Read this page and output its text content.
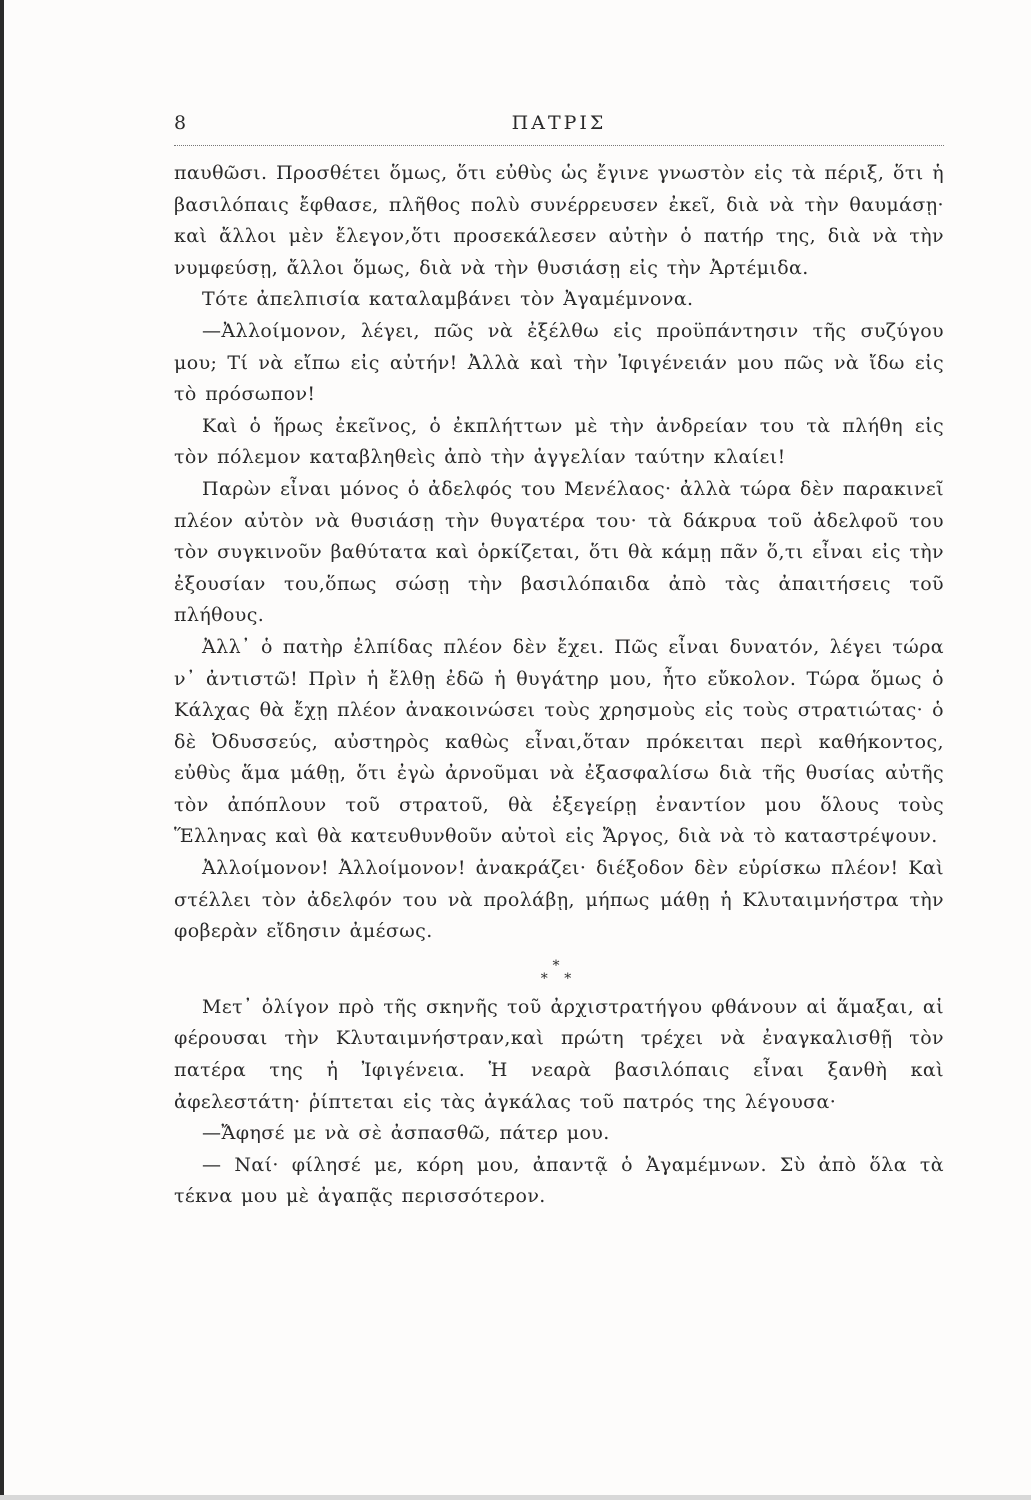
8	ΠΑΤΡΙΣ

παυθῶσι. Προσθέτει ὅμως, ὅτι εὐθὺς ὡς ἔγινε γνωστὸν εἰς τὰ πέριξ, ὅτι ἡ βασιλόπαις ἔφθασε, πλῆθος πολὺ συνέρρευσεν ἐκεῖ, διὰ νὰ τὴν θαυμάσῃ· καὶ ἄλλοι μὲν ἔλεγον,ὅτι προσεκάλεσεν αὐτὴν ὁ πατήρ της, διὰ νὰ τὴν νυμφεύσῃ, ἄλλοι ὅμως, διὰ νὰ τὴν θυσιάσῃ εἰς τὴν Ἀρτέμιδα.

Τότε ἀπελπισία καταλαμβάνει τὸν Ἀγαμέμνονα.

—Ἀλλοίμονον, λέγει, πῶς νὰ ἐξέλθω εἰς προϋπάντησιν τῆς συζύγου μου; Τί νὰ εἴπω εἰς αὐτήν! Ἀλλὰ καὶ τὴν Ἰφιγένειάν μου πῶς νὰ ἴδω εἰς τὸ πρόσωπον!

Καὶ ὁ ἥρως ἐκεῖνος, ὁ ἐκπλήττων μὲ τὴν ἀνδρείαν του τὰ πλήθη εἰς τὸν πόλεμον καταβληθεὶς ἀπὸ τὴν ἀγγελίαν ταύτην κλαίει!

Παρὼν εἶναι μόνος ὁ ἀδελφός του Μενέλαος· ἀλλὰ τώρα δὲν παρακινεῖ πλέον αὐτὸν νὰ θυσιάσῃ τὴν θυγατέρα του· τὰ δάκρυα τοῦ ἀδελφοῦ του τὸν συγκινοῦν βαθύτατα καὶ ὁρκίζεται, ὅτι θὰ κάμῃ πᾶν ὅ,τι εἶναι εἰς τὴν ἐξουσίαν του,ὅπως σώσῃ τὴν βασιλόπαιδα ἀπὸ τὰς ἀπαιτήσεις τοῦ πλήθους.

Ἀλλ᾽ ὁ πατὴρ ἐλπίδας πλέον δὲν ἔχει. Πῶς εἶναι δυνατόν, λέγει τώρα ν᾽ ἀντιστῶ! Πρὶν ἡ ἔλθῃ ἐδῶ ἡ θυγάτηρ μου, ἦτο εὔκολον. Τώρα ὅμως ὁ Κάλχας θὰ ἔχῃ πλέον ἀνακοινώσει τοὺς χρησμοὺς εἰς τοὺς στρατιώτας· ὁ δὲ Ὀδυσσεύς, αὐστηρὸς καθὼς εἶναι,ὅταν πρόκειται περὶ καθήκοντος, εὐθὺς ἅμα μάθῃ, ὅτι ἐγὼ ἀρνοῦμαι νὰ ἐξασφαλίσω διὰ τῆς θυσίας αὐτῆς τὸν ἀπόπλουν τοῦ στρατοῦ, θὰ ἐξεγείρῃ ἐναντίον μου ὅλους τοὺς Ἕλληνας καὶ θὰ κατευθυνθοῦν αὐτοὶ εἰς Ἄργος, διὰ νὰ τὸ καταστρέψουν.

Ἀλλοίμονον! Ἀλλοίμονον! ἀνακράζει· διέξοδον δὲν εὑρίσκω πλέον! Καὶ στέλλει τὸν ἀδελφόν του νὰ προλάβῃ, μήπως μάθῃ ἡ Κλυταιμνήστρα τὴν φοβερὰν εἴδησιν ἀμέσως.

*
* *

Μετ᾽ ὀλίγον πρὸ τῆς σκηνῆς τοῦ ἀρχιστρατήγου φθάνουν αἱ ἅμαξαι, αἱ φέρουσαι τὴν Κλυταιμνήστραν,καὶ πρώτη τρέχει νὰ ἐναγκαλισθῇ τὸν πατέρα της ἡ Ἰφιγένεια. Ἡ νεαρὰ βασιλόπαις εἶναι ξανθὴ καὶ ἀφελεστάτη· ῥίπτεται εἰς τὰς ἀγκάλας τοῦ πατρός της λέγουσα·

—Ἄφησέ με νὰ σὲ ἀσπασθῶ, πάτερ μου.

— Ναί· φίλησέ με, κόρη μου, ἀπαντᾷ ὁ Ἀγαμέμνων. Σὺ ἀπὸ ὅλα τὰ τέκνα μου μὲ ἀγαπᾷς περισσότερον.
